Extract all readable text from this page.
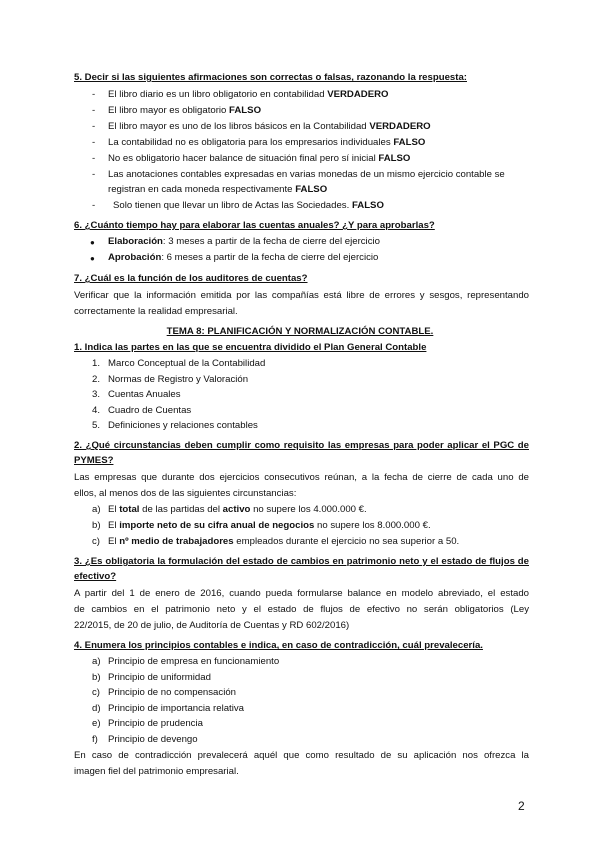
5. Decir si las siguientes afirmaciones son correctas o falsas, razonando la respuesta:
- El libro diario es un libro obligatorio en contabilidad VERDADERO
- El libro mayor es obligatorio FALSO
- El libro mayor es uno de los libros básicos en la Contabilidad VERDADERO
- La contabilidad no es obligatoria para los empresarios individuales FALSO
- No es obligatorio hacer balance de situación final pero sí inicial FALSO
- Las anotaciones contables expresadas en varias monedas de un mismo ejercicio contable se
registran en cada moneda respectivamente FALSO
- Solo tienen que llevar un libro de Actas las Sociedades. FALSO
6. ¿Cuánto tiempo hay para elaborar las cuentas anuales? ¿Y para aprobarlas?
● Elaboración: 3 meses a partir de la fecha de cierre del ejercicio
● Aprobación: 6 meses a partir de la fecha de cierre del ejercicio
7. ¿Cuál es la función de los auditores de cuentas?
Verificar que la información emitida por las compañías está libre de errores y sesgos, representando
correctamente la realidad empresarial.
TEMA 8: PLANIFICACIÓN Y NORMALIZACIÓN CONTABLE.
1. Indica las partes en las que se encuentra dividido el Plan General Contable
1. Marco Conceptual de la Contabilidad
2. Normas de Registro y Valoración
3. Cuentas Anuales
4. Cuadro de Cuentas
5. Definiciones y relaciones contables
2. ¿Qué circunstancias deben cumplir como requisito las empresas para poder aplicar el PGC de
PYMES?
Las empresas que durante dos ejercicios consecutivos reúnan, a la fecha de cierre de cada uno de
ellos, al menos dos de las siguientes circunstancias:
a) El total de las partidas del activo no supere los 4.000.000 €.
b) El importe neto de su cifra anual de negocios no supere los 8.000.000 €.
c) El nº medio de trabajadores empleados durante el ejercicio no sea superior a 50.
3. ¿Es obligatoria la formulación del estado de cambios en patrimonio neto y el estado de flujos de
efectivo?
A partir del 1 de enero de 2016, cuando pueda formularse balance en modelo abreviado, el estado
de cambios en el patrimonio neto y el estado de flujos de efectivo no serán obligatorios (Ley
22/2015, de 20 de julio, de Auditoría de Cuentas y RD 602/2016)
4. Enumera los principios contables e indica, en caso de contradicción, cuál prevalecería.
a) Principio de empresa en funcionamiento
b) Principio de uniformidad
c) Principio de no compensación
d) Principio de importancia relativa
e) Principio de prudencia
f) Principio de devengo
En caso de contradicción prevalecerá aquél que como resultado de su aplicación nos ofrezca la
imagen fiel del patrimonio empresarial.
2
